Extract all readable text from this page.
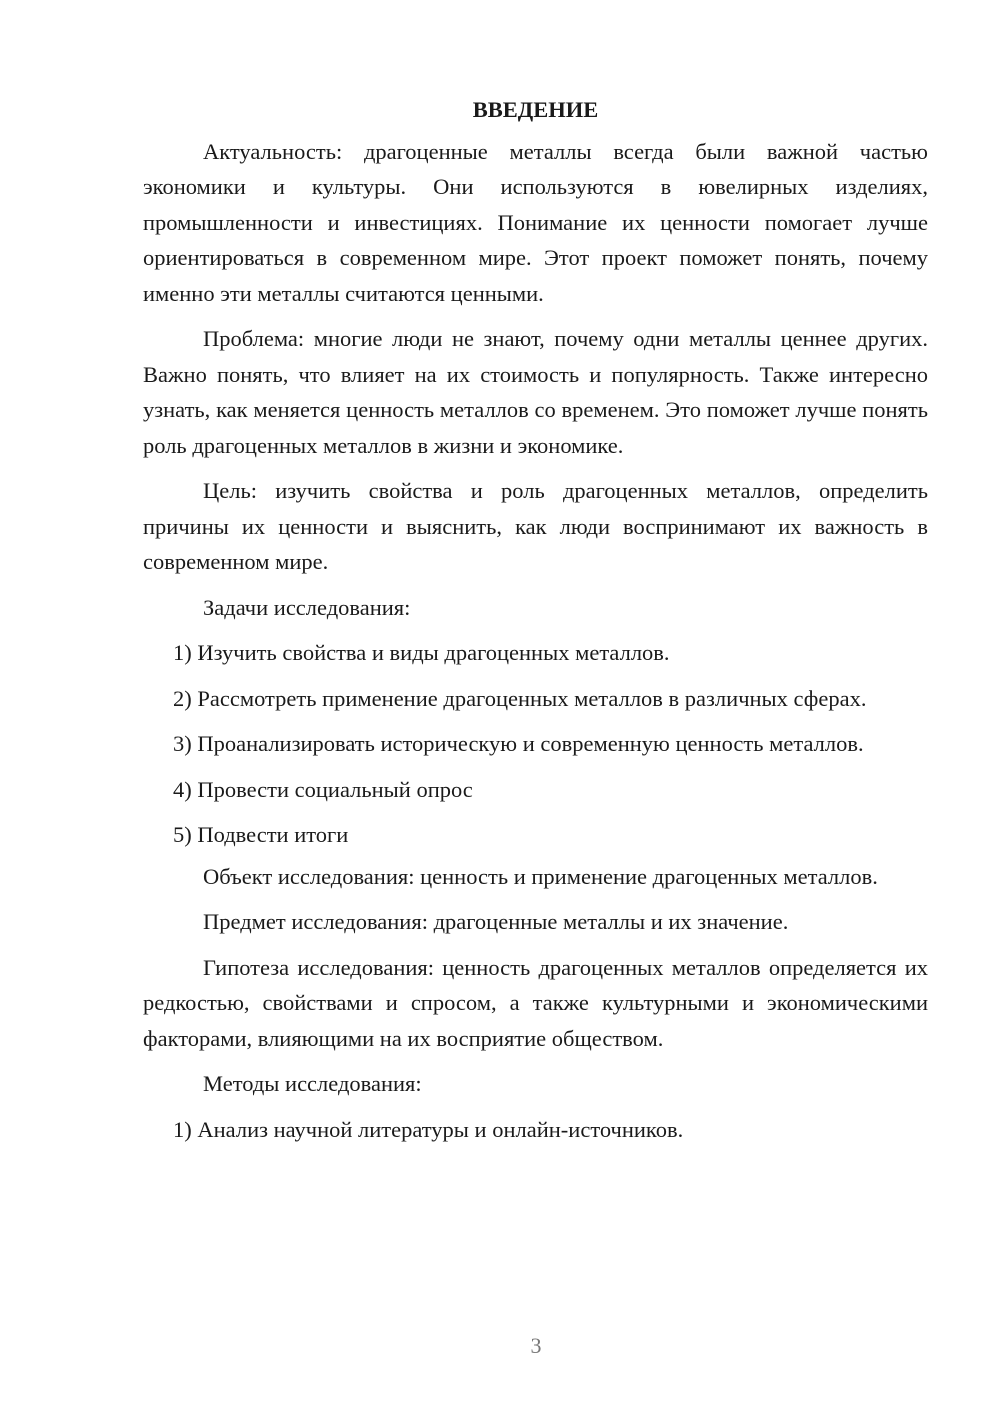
ВВЕДЕНИЕ

Актуальность: драгоценные металлы всегда были важной частью экономики и культуры. Они используются в ювелирных изделиях, промышленности и инвестициях. Понимание их ценности помогает лучше ориентироваться в современном мире. Этот проект поможет понять, почему именно эти металлы считаются ценными.

Проблема: многие люди не знают, почему одни металлы ценнее других. Важно понять, что влияет на их стоимость и популярность. Также интересно узнать, как меняется ценность металлов со временем. Это поможет лучше понять роль драгоценных металлов в жизни и экономике.

Цель: изучить свойства и роль драгоценных металлов, определить причины их ценности и выяснить, как люди воспринимают их важность в современном мире.

Задачи исследования:

1) Изучить свойства и виды драгоценных металлов.

2) Рассмотреть применение драгоценных металлов в различных сферах.

3) Проанализировать историческую и современную ценность металлов.

4) Провести социальный опрос

5) Подвести итоги

Объект исследования: ценность и применение драгоценных металлов.

Предмет исследования: драгоценные металлы и их значение.

Гипотеза исследования: ценность драгоценных металлов определяется их редкостью, свойствами и спросом, а также культурными и экономическими факторами, влияющими на их восприятие обществом.

Методы исследования:

1) Анализ научной литературы и онлайн-источников.

3
